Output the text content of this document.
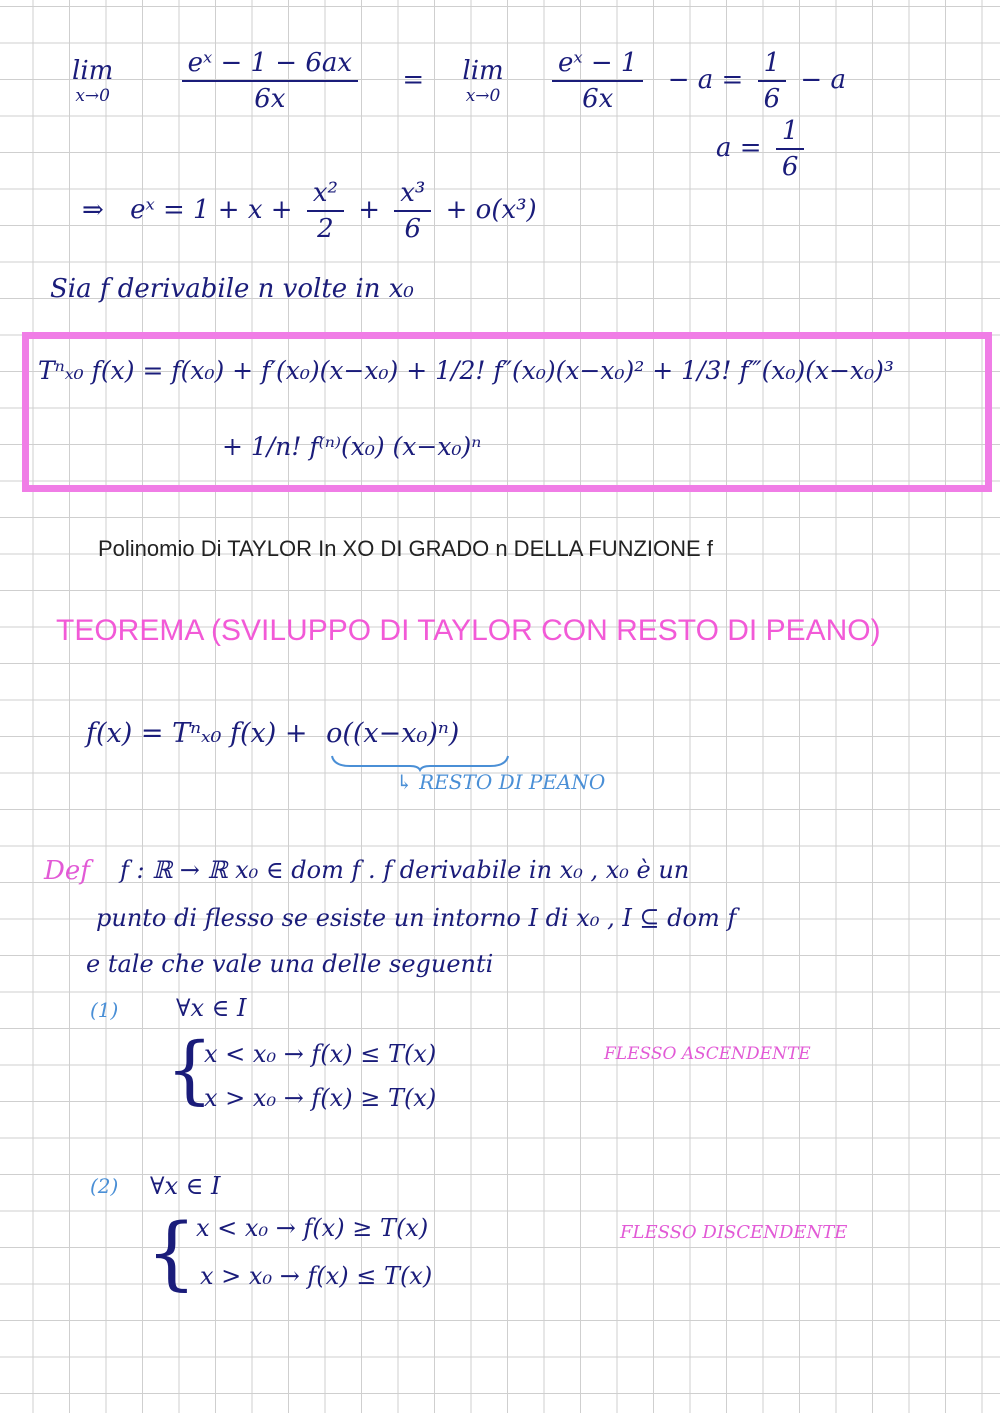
lim
x→0
	$\frac{\text{eˣ − 1 − 6ax}}{6x} = \lim$
x→0
$\frac{\text{eˣ − 1}}{6x} - a = \frac{1}{6} - a$
$a = \frac{1}{6}$
⇒ eˣ = $1 + x + \frac{\text{x²}}{2} + \frac{\text{x³}}{6} + o(x^3)$
Sia f derivabile n volte in x₀
Tⁿₓ₀ f(x) = f(x₀) + f′(x₀)(x−x₀) + 1/2! f″(x₀)(x−x₀)² + 1/3! f‴(x₀)(x−x₀)³
+ 1/n! f⁽ⁿ⁾(x₀) (x−x₀)ⁿ
Polinomio Di TAYLOR In XO DI GRADO n DELLA FUNZIONE f
TEOREMA (SVILUPPO DI TAYLOR CON RESTO DI PEANO)
f(x) = Tⁿₓ₀ f(x) + o((x−x₀)ⁿ)
↳ RESTO DI PEANO
Def f : ℝ → ℝ x₀ ∈ dom f . f derivabile in x₀ , x₀ è un
punto di flesso se esiste un intorno I di x₀ , I ⊆ dom f
e tale che vale una delle seguenti
(1) ∀x ∈ I
{
x < x₀ → f(x) ≤ T(x)
x > x₀ → f(x) ≥ T(x)
FLESSO ASCENDENTE
(2) ∀x ∈ I
{ x < x₀ → f(x) ≥ T(x)
x > x₀ → f(x) ≤ T(x)
FLESSO DISCENDENTE
